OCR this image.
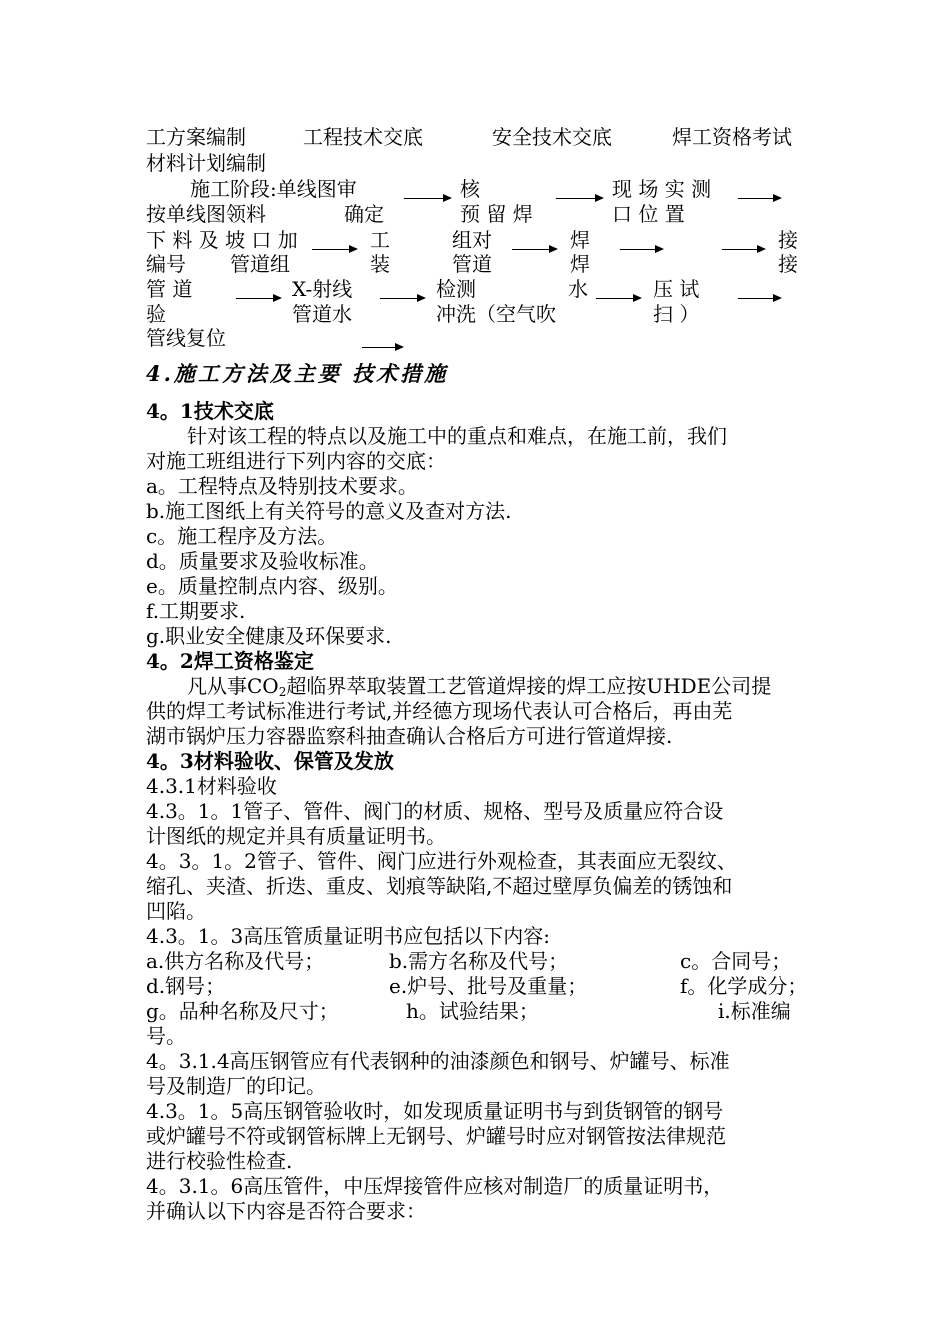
工方案编制	工程技术交底	安全技术交底	焊工资格考试
材料计划编制
施工阶段:单线图审	核	现 场 实 测
按单线图领料	确定	预 留 焊	口 位 置
下 料 及 坡 口 加	工	组对	焊	接
编号 管道组	装	管道	焊	接
管 道	X-射线	检测	水	压 试
验	管道水	冲洗（空气吹	扫 ）
管线复位
4.施工方法及主要 技术措施
4。1技术交底
针对该工程的特点以及施工中的重点和难点，在施工前，我们
对施工班组进行下列内容的交底：
a。工程特点及特别技术要求。
b.施工图纸上有关符号的意义及查对方法.
c。施工程序及方法。
d。质量要求及验收标准。
e。质量控制点内容、级别。
f.工期要求.
g.职业安全健康及环保要求.
4。2焊工资格鉴定
凡从事$CO_2$超临界萃取装置工艺管道焊接的焊工应按UHDE公司提
供的焊工考试标准进行考试,并经德方现场代表认可合格后，再由芜
湖市锅炉压力容器监察科抽查确认合格后方可进行管道焊接.
4。3材料验收、保管及发放
4.3.1材料验收
4.3。1。1管子、管件、阀门的材质、规格、型号及质量应符合设
计图纸的规定并具有质量证明书。
4。3。1。2管子、管件、阀门应进行外观检查，其表面应无裂纹、
缩孔、夹渣、折迭、重皮、划痕等缺陷,不超过壁厚负偏差的锈蚀和
凹陷。
4.3。1。3高压管质量证明书应包括以下内容:
a.供方名称及代号；	b.需方名称及代号；	c。合同号；
d.钢号；	e.炉号、批号及重量；	f。化学成分；
g。品种名称及尺寸；	h。试验结果；	i.标准编
号。
4。3.1.4高压钢管应有代表钢种的油漆颜色和钢号、炉罐号、标准
号及制造厂的印记。
4.3。1。5高压钢管验收时，如发现质量证明书与到货钢管的钢号
或炉罐号不符或钢管标牌上无钢号、炉罐号时应对钢管按法律规范
进行校验性检查.
4。3.1。6高压管件，中压焊接管件应核对制造厂的质量证明书，
并确认以下内容是否符合要求：
